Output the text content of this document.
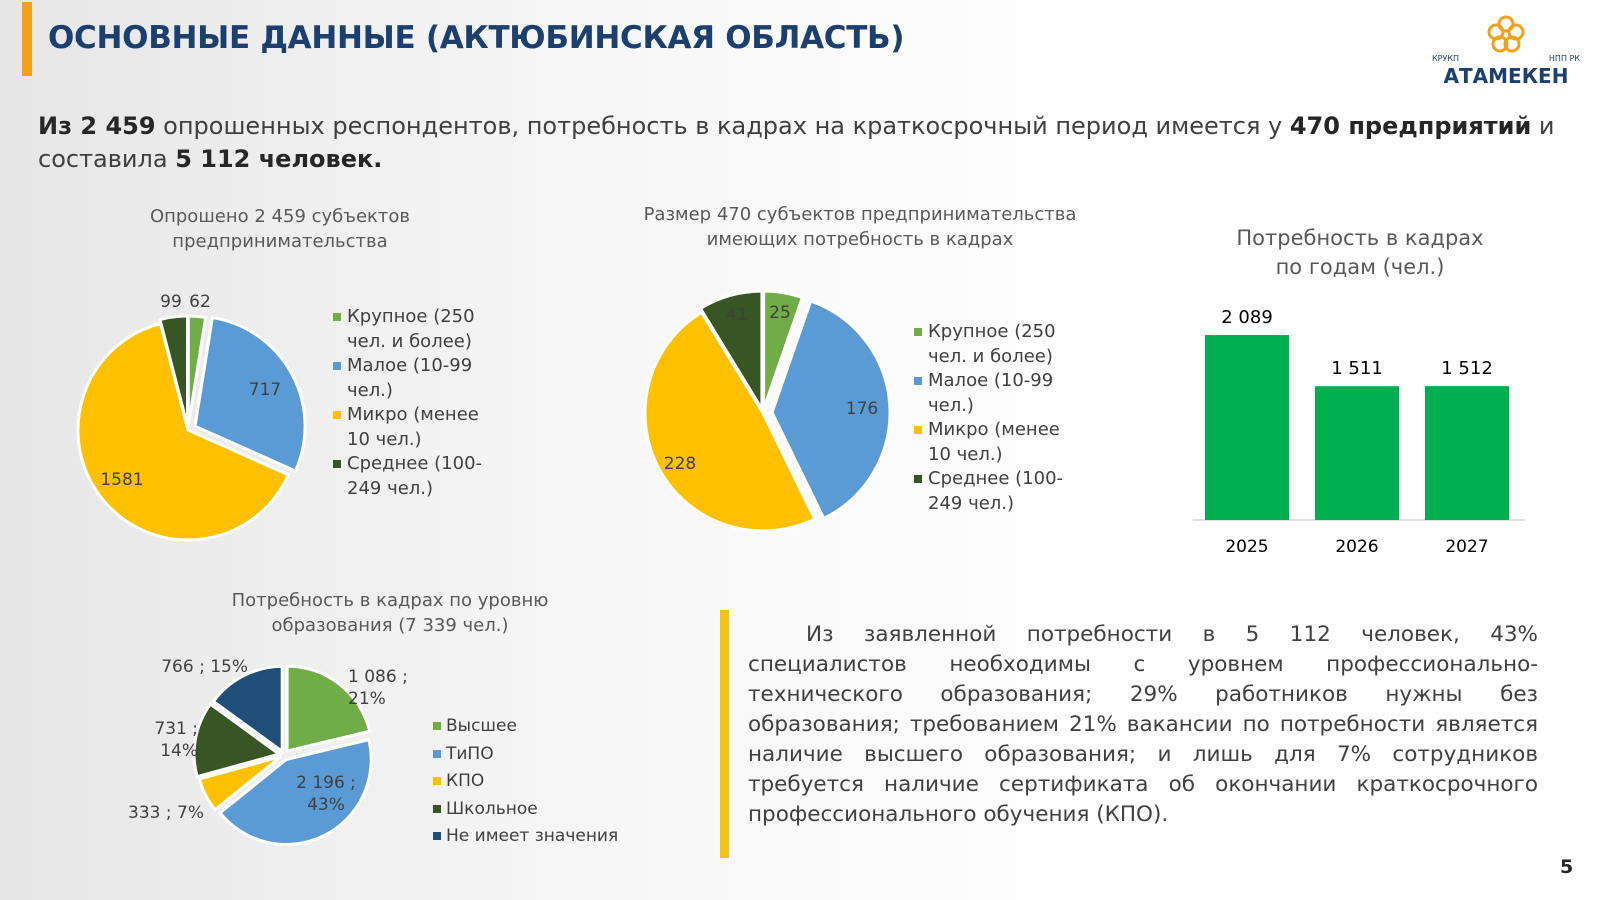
ОСНОВНЫЕ ДАННЫЕ (АКТЮБИНСКАЯ ОБЛАСТЬ)
КРУКП	НПП РК
АТАМЕКЕН
Из 2 459 опрошенных респондентов, потребность в кадрах на краткосрочный период имеется у 470 предприятий и составила 5 112 человек.
Опрошено 2 459 субъектов
предпринимательства
62
717
1581
99
Крупное (250
чел. и более)
Малое (10-99
чел.)
Микро (менее
10 чел.)
Среднее (100-
249 чел.)
Размер 470 субъектов предпринимательства
имеющих потребность в кадрах
25
176
228
41
Крупное (250
чел. и более)
Малое (10-99
чел.)
Микро (менее
10 чел.)
Среднее (100-
249 чел.)
Потребность в кадрах
по годам (чел.)
2 089
2025
1 511
2026
1 512
2027
Потребность в кадрах по уровню
образования (7 339 чел.)
1 086 ; 21%
2 196 ; 43%
333 ; 7%
731 ; 14%
766 ; 15%
Высшее
ТиПО
КПО
Школьное
Не имеет значения
Из заявленной потребности в 5 112 человек, 43% специалистов необходимы с уровнем профессионально-технического образования; 29% работников нужны без образования; требованием 21% вакансии по потребности является наличие высшего образования; и лишь для 7% сотрудников требуется наличие сертификата об окончании краткосрочного профессионального обучения (КПО).
5
